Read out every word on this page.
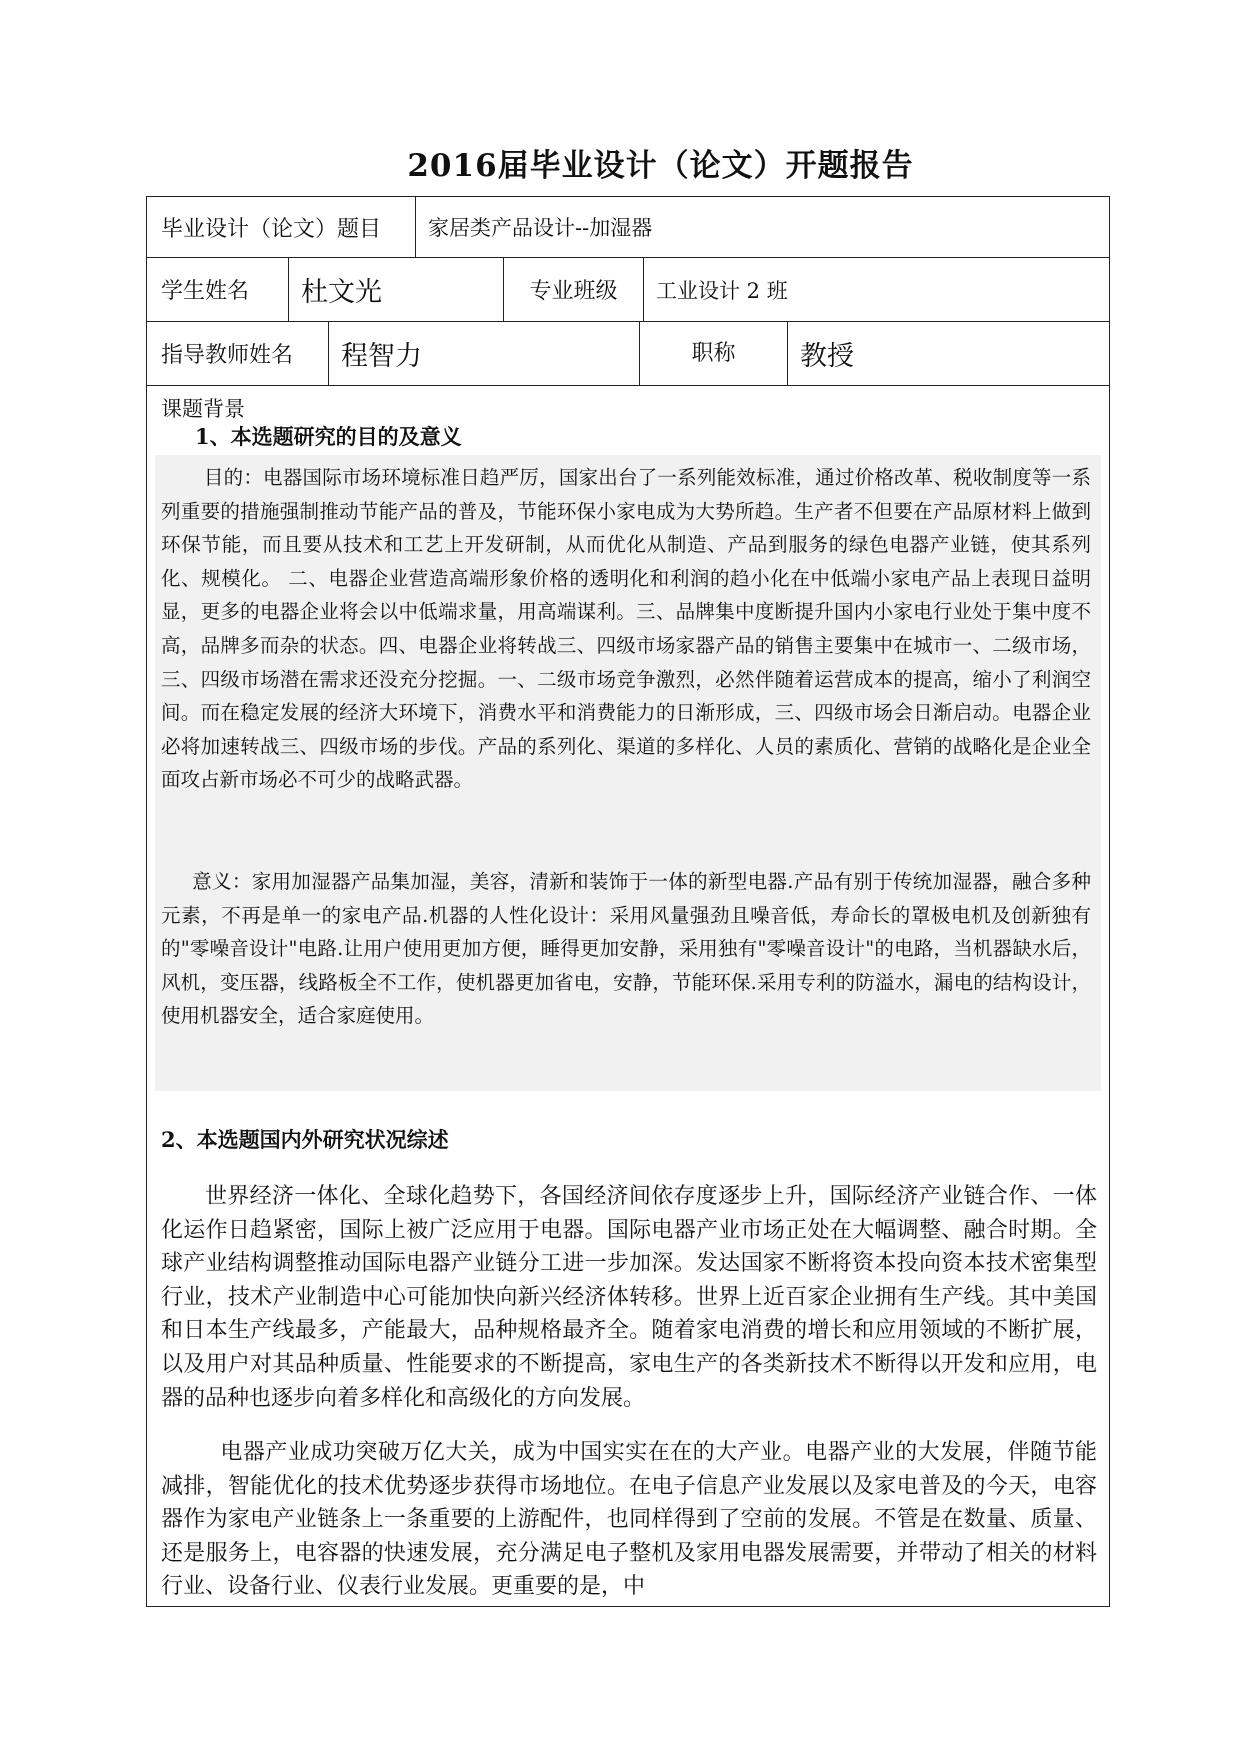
2016届毕业设计（论文）开题报告
毕业设计（论文）题目	家居类产品设计--加湿器
学生姓名	杜文光	专业班级	工业设计 2 班
指导教师姓名	程智力	职称	教授
课题背景
1、本选题研究的目的及意义

目的：电器国际市场环境标准日趋严厉，国家出台了一系列能效标准，通过价格改革、税收制度等一系列重要的措施强制推动节能产品的普及，节能环保小家电成为大势所趋。生产者不但要在产品原材料上做到环保节能，而且要从技术和工艺上开发研制，从而优化从制造、产品到服务的绿色电器产业链，使其系列化、规模化。 二、电器企业营造高端形象价格的透明化和利润的趋小化在中低端小家电产品上表现日益明显，更多的电器企业将会以中低端求量，用高端谋利。三、品牌集中度断提升国内小家电行业处于集中度不高，品牌多而杂的状态。四、电器企业将转战三、四级市场家器产品的销售主要集中在城市一、二级市场，三、四级市场潜在需求还没充分挖掘。一、二级市场竞争激烈，必然伴随着运营成本的提高，缩小了利润空间。而在稳定发展的经济大环境下，消费水平和消费能力的日渐形成，三、四级市场会日渐启动。电器企业必将加速转战三、四级市场的步伐。产品的系列化、渠道的多样化、人员的素质化、营销的战略化是企业全面攻占新市场必不可少的战略武器。

意义：家用加湿器产品集加湿，美容，清新和装饰于一体的新型电器.产品有别于传统加湿器，融合多种元素，不再是单一的家电产品.机器的人性化设计：采用风量强劲且噪音低，寿命长的罩极电机及创新独有的"零噪音设计"电路.让用户使用更加方便，睡得更加安静，采用独有"零噪音设计"的电路，当机器缺水后，风机，变压器，线路板全不工作，使机器更加省电，安静，节能环保.采用专利的防溢水，漏电的结构设计，使用机器安全，适合家庭使用。

2、本选题国内外研究状况综述

世界经济一体化、全球化趋势下，各国经济间依存度逐步上升，国际经济产业链合作、一体化运作日趋紧密，国际上被广泛应用于电器。国际电器产业市场正处在大幅调整、融合时期。全球产业结构调整推动国际电器产业链分工进一步加深。发达国家不断将资本投向资本技术密集型行业，技术产业制造中心可能加快向新兴经济体转移。世界上近百家企业拥有生产线。其中美国和日本生产线最多，产能最大，品种规格最齐全。随着家电消费的增长和应用领域的不断扩展，以及用户对其品种质量、性能要求的不断提高，家电生产的各类新技术不断得以开发和应用，电器的品种也逐步向着多样化和高级化的方向发展。

电器产业成功突破万亿大关，成为中国实实在在的大产业。电器产业的大发展，伴随节能减排，智能优化的技术优势逐步获得市场地位。在电子信息产业发展以及家电普及的今天，电容器作为家电产业链条上一条重要的上游配件，也同样得到了空前的发展。不管是在数量、质量、还是服务上，电容器的快速发展，充分满足电子整机及家用电器发展需要，并带动了相关的材料行业、设备行业、仪表行业发展。更重要的是，中
